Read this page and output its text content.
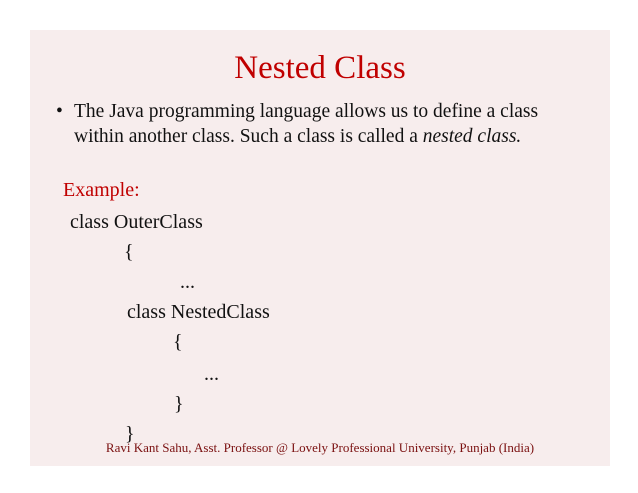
Nested Class
• The Java programming language allows us to define a class within another class. Such a class is called a nested class.
Example:
class OuterClass
{
...
class NestedClass
{
...
}
}
Ravi Kant Sahu, Asst. Professor @ Lovely Professional University, Punjab (India)
